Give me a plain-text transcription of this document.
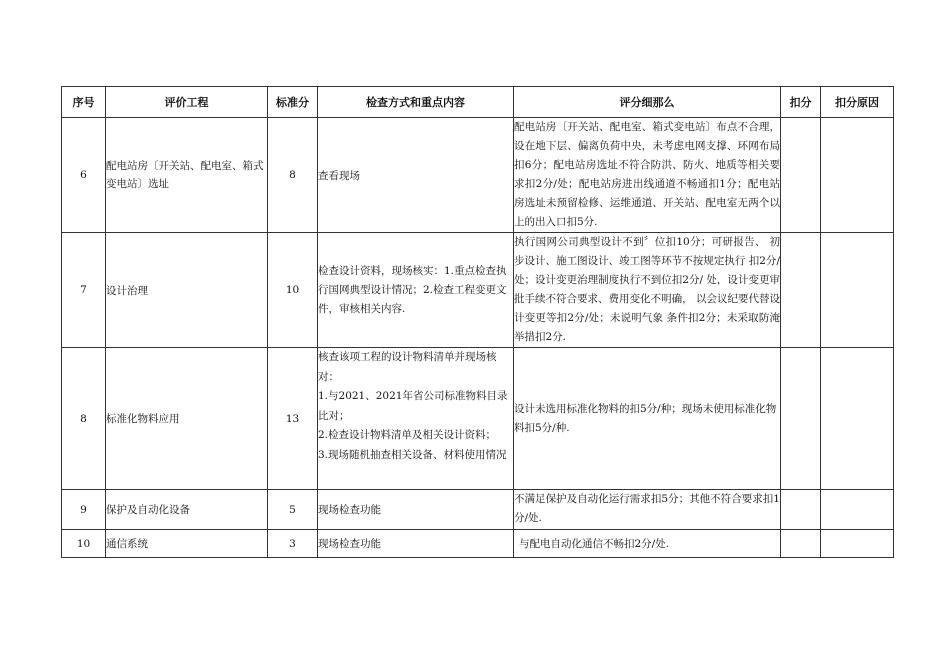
序号	评价工程	标准分	检查方式和重点内容	评分细那么	扣分	扣分原因
6	配电站房〔开关站、配电室、箱式变电站〕选址	8	查看现场	配电站房〔开关站、配电室、箱式变电站〕布点不合理，设在地下层、偏离负荷中央，未考虑电网支撑、环网布局扣6分；配电站房选址不符合防洪、防火、地质等相关要求扣2分/处；配电站房进出线通道不畅通扣1分；配电站房选址未预留检修、运维通道、开关站、配电室无两个以上的出入口扣5分.		
7	设计治理	10	检查设计资料，现场核实：1.重点检查执行国网典型设计情况；2.检查工程变更文件，审核相关内容.	执行国网公司典型设计不到〞位扣10分；可研报告、 初步设计、施工图设计、竣工图等环节不按规定执行 扣2分/处；设计变更治理制度执行不到位扣2分/ 处，设计变更审批手续不符合要求、费用变化不明确， 以会议纪要代替设计变更等扣2分/处；未说明气象 条件扣2分；未采取防淹举措扣2分.		
8	标准化物料应用	13	核查该项工程的设计物料清单并现场核对：
1.与2021、2021年省公司标准物料目录比对；
2.检查设计物料清单及相关设计资料；
3.现场随机抽查相关设备、材料使用情况	设计未选用标准化物料的扣5分/种；现场未使用标准化物料扣5分/种.		
9	保护及自动化设备	5	现场检查功能	不满足保护及自动化运行需求扣5分；其他不符合要求扣1分/处.		
10	通信系统	3	现场检查功能	与配电自动化通信不畅扣2分/处.		
